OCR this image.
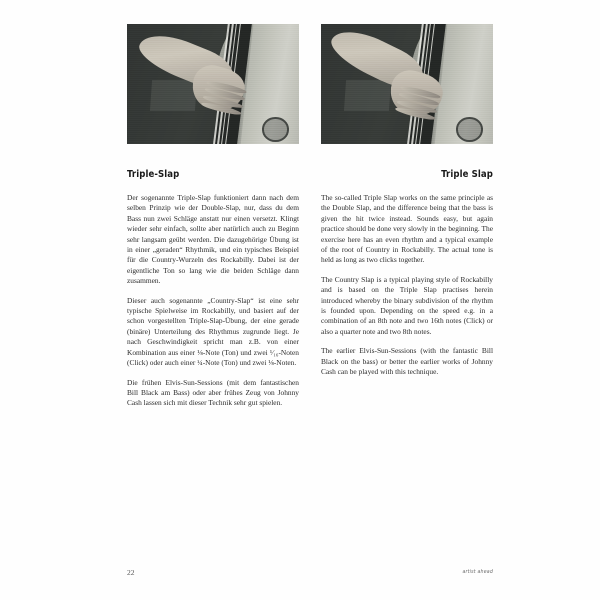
Triple-Slap	Triple Slap

Der sogenannte Triple-Slap funktioniert dann nach dem selben Prinzip wie der Double-Slap, nur, dass du dem Bass nun zwei Schläge anstatt nur einen versetzt. Klingt wieder sehr einfach, sollte aber natürlich auch zu Beginn sehr langsam geübt werden. Die dazugehörige Übung ist in einer „geraden“ Rhythmik, und ein typisches Beispiel für die Country-Wurzeln des Rockabilly. Dabei ist der eigentliche Ton so lang wie die beiden Schläge dann zusammen.

Dieser auch sogenannte „Country-Slap“ ist eine sehr typische Spielweise im Rockabilly, und basiert auf der schon vorgestellten Triple-Slap-Übung, der eine gerade (binäre) Unterteilung des Rhythmus zugrunde liegt. Je nach Geschwindigkeit spricht man z.B. von einer Kombination aus einer ⅛-Note (Ton) und zwei ¹⁄₁₆-Noten (Click) oder auch einer ¼-Note (Ton) und zwei ⅛-Noten.

Die frühen Elvis-Sun-Sessions (mit dem fantastischen Bill Black am Bass) oder aber frühes Zeug von Johnny Cash lassen sich mit dieser Technik sehr gut spielen.

The so-called Triple Slap works on the same principle as the Double Slap, and the difference being that the bass is given the hit twice instead. Sounds easy, but again practice should be done very slowly in the beginning. The exercise here has an even rhythm and a typical example of the root of Country in Rockabilly. The actual tone is held as long as two clicks together.

The Country Slap is a typical playing style of Rockabilly and is based on the Triple Slap practises herein introduced whereby the binary subdivision of the rhythm is founded upon. Depending on the speed e.g. in a combination of an 8th note and two 16th notes (Click) or also a quarter note and two 8th notes.

The earlier Elvis-Sun-Sessions (with the fantastic Bill Black on the bass) or better the earlier works of Johnny Cash can be played with this technique.

22	artist ahead
